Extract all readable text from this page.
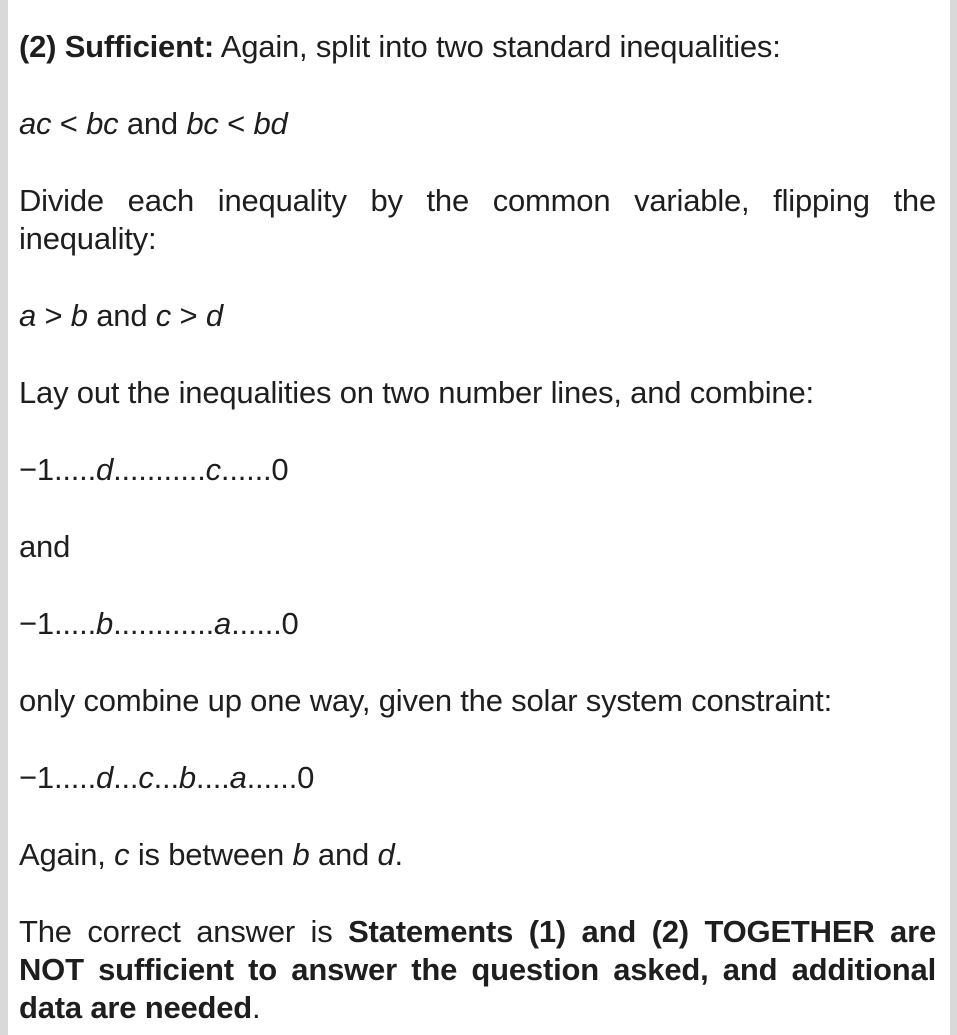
(2) Sufficient: Again, split into two standard inequalities:

ac < bc and bc < bd

Divide each inequality by the common variable, flipping the inequality:

a > b and c > d

Lay out the inequalities on two number lines, and combine:

−1.....d...........c......0

and

−1.....b............a......0

only combine up one way, given the solar system constraint:

−1.....d...c...b....a......0

Again, c is between b and d.

The correct answer is Statements (1) and (2) TOGETHER are NOT sufficient to answer the question asked, and additional data are needed.
